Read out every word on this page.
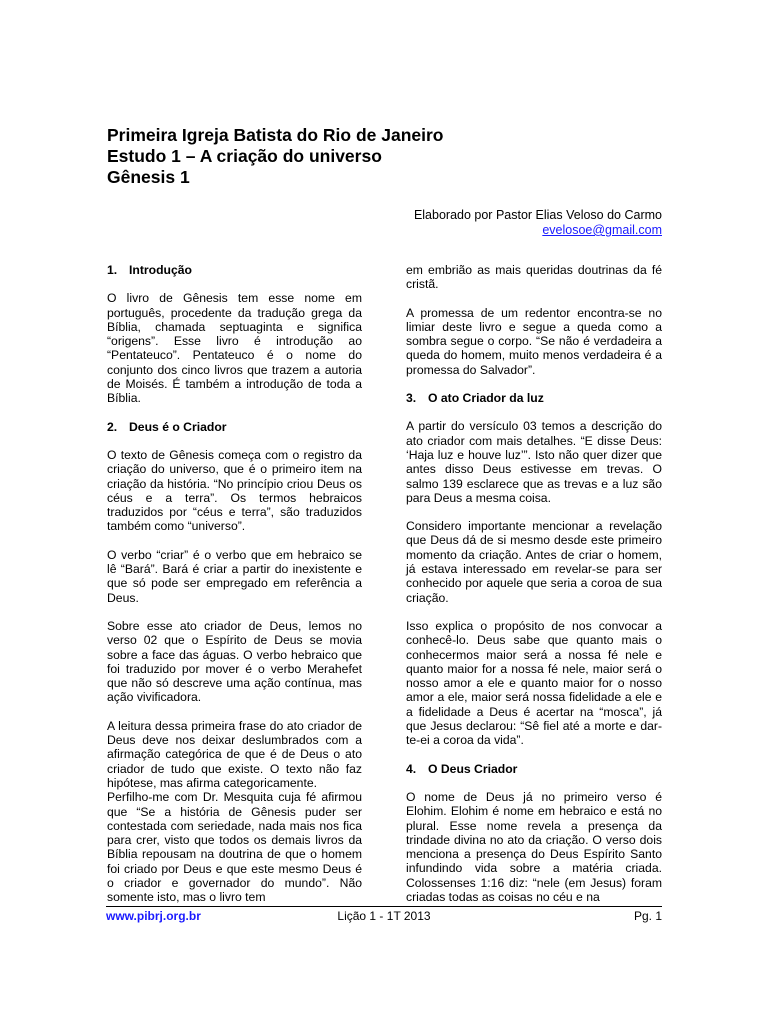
Primeira Igreja Batista do Rio de Janeiro

Estudo 1 – A criação do universo

Gênesis 1

Elaborado por Pastor Elias Veloso do Carmo
evelosoe@gmail.com
1. Introdução

O livro de Gênesis tem esse nome em português, procedente da tradução grega da Bíblia, chamada septuaginta e significa “origens”. Esse livro é introdução ao “Pentateuco”. Pentateuco é o nome do conjunto dos cinco livros que trazem a autoria de Moisés. É também a introdução de toda a Bíblia.

2. Deus é o Criador

O texto de Gênesis começa com o registro da criação do universo, que é o primeiro item na criação da história. “No princípio criou Deus os céus e a terra”. Os termos hebraicos traduzidos por “céus e terra”, são traduzidos também como “universo”.

O verbo “criar” é o verbo que em hebraico se lê “Bará”. Bará é criar a partir do inexistente e que só pode ser empregado em referência a Deus.

Sobre esse ato criador de Deus, lemos no verso 02 que o Espírito de Deus se movia sobre a face das águas. O verbo hebraico que foi traduzido por mover é o verbo Merahefet que não só descreve uma ação contínua, mas ação vivificadora.

A leitura dessa primeira frase do ato criador de Deus deve nos deixar deslumbrados com a afirmação categórica de que é de Deus o ato criador de tudo que existe. O texto não faz hipótese, mas afirma categoricamente.

Perfilho-me com Dr. Mesquita cuja fé afirmou que “Se a história de Gênesis puder ser contestada com seriedade, nada mais nos fica para crer, visto que todos os demais livros da Bíblia repousam na doutrina de que o homem foi criado por Deus e que este mesmo Deus é o criador e governador do mundo”. Não somente isto, mas o livro tem

em embrião as mais queridas doutrinas da fé cristã.

A promessa de um redentor encontra-se no limiar deste livro e segue a queda como a sombra segue o corpo. “Se não é verdadeira a queda do homem, muito menos verdadeira é a promessa do Salvador”.

3. O ato Criador da luz

A partir do versículo 03 temos a descrição do ato criador com mais detalhes. “E disse Deus: ‘Haja luz e houve luz’”. Isto não quer dizer que antes disso Deus estivesse em trevas. O salmo 139 esclarece que as trevas e a luz são para Deus a mesma coisa.

Considero importante mencionar a revelação que Deus dá de si mesmo desde este primeiro momento da criação. Antes de criar o homem, já estava interessado em revelar-se para ser conhecido por aquele que seria a coroa de sua criação.

Isso explica o propósito de nos convocar a conhecê-lo. Deus sabe que quanto mais o conhecermos maior será a nossa fé nele e quanto maior for a nossa fé nele, maior será o nosso amor a ele e quanto maior for o nosso amor a ele, maior será nossa fidelidade a ele e a fidelidade a Deus é acertar na “mosca”, já que Jesus declarou: “Sê fiel até a morte e dar-te-ei a coroa da vida”.

4. O Deus Criador

O nome de Deus já no primeiro verso é Elohim. Elohim é nome em hebraico e está no plural. Esse nome revela a presença da trindade divina no ato da criação. O verso dois menciona a presença do Deus Espírito Santo infundindo vida sobre a matéria criada. Colossenses 1:16 diz: “nele (em Jesus) foram criadas todas as coisas no céu e na

Lição 1 - 1T 2013
www.pibrj.org.br	Pg. 1
